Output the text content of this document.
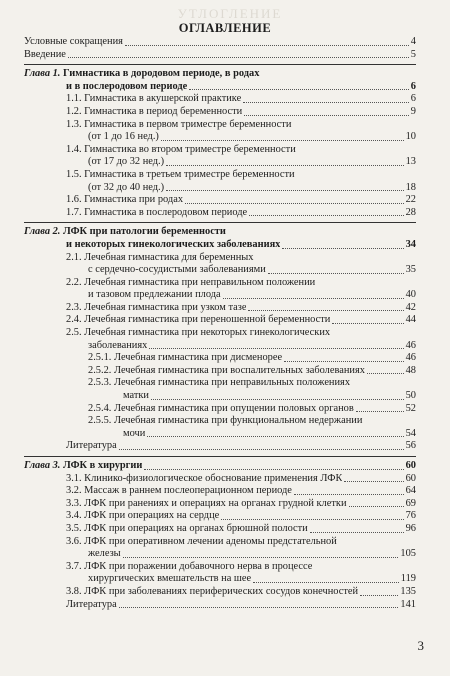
УТЛОГЛЕНИЕ
ОГЛАВЛЕНИЕ
Условные сокращения	4
Введение	5
Глава 1. Гимнастика в дородовом периоде, в родах
и в послеродовом периоде	6
1.1. Гимнастика в акушерской практике	6
1.2. Гимнастика в период беременности	9
1.3. Гимнастика в первом триместре беременности
(от 1 до 16 нед.)	10
1.4. Гимнастика во втором триместре беременности
(от 17 до 32 нед.)	13
1.5. Гимнастика в третьем триместре беременности
(от 32 до 40 нед.)	18
1.6. Гимнастика при родах	22
1.7. Гимнастика в послеродовом периоде	28
Глава 2. ЛФК при патологии беременности
и некоторых гинекологических заболеваниях	34
2.1. Лечебная гимнастика для беременных
с сердечно-сосудистыми заболеваниями	35
2.2. Лечебная гимнастика при неправильном положении
и тазовом предлежании плода	40
2.3. Лечебная гимнастика при узком тазе	42
2.4. Лечебная гимнастика при переношенной беременности	44
2.5. Лечебная гимнастика при некоторых гинекологических
заболеваниях	46
2.5.1. Лечебная гимнастика при дисменорее	46
2.5.2. Лечебная гимнастика при воспалительных заболеваниях	48
2.5.3. Лечебная гимнастика при неправильных положениях
матки	50
2.5.4. Лечебная гимнастика при опущении половых органов	52
2.5.5. Лечебная гимнастика при функциональном недержании
мочи	54
Литература	56
Глава 3. ЛФК в хирургии	60
3.1. Клинико-физиологическое обоснование применения ЛФК	60
3.2. Массаж в раннем послеоперационном периоде	64
3.3. ЛФК при ранениях и операциях на органах грудной клетки	69
3.4. ЛФК при операциях на сердце	76
3.5. ЛФК при операциях на органах брюшной полости	96
3.6. ЛФК при оперативном лечении аденомы предстательной
железы	105
3.7. ЛФК при поражении добавочного нерва в процессе
хирургических вмешательств на шее	119
3.8. ЛФК при заболеваниях периферических сосудов конечностей	135
Литература	141
3
